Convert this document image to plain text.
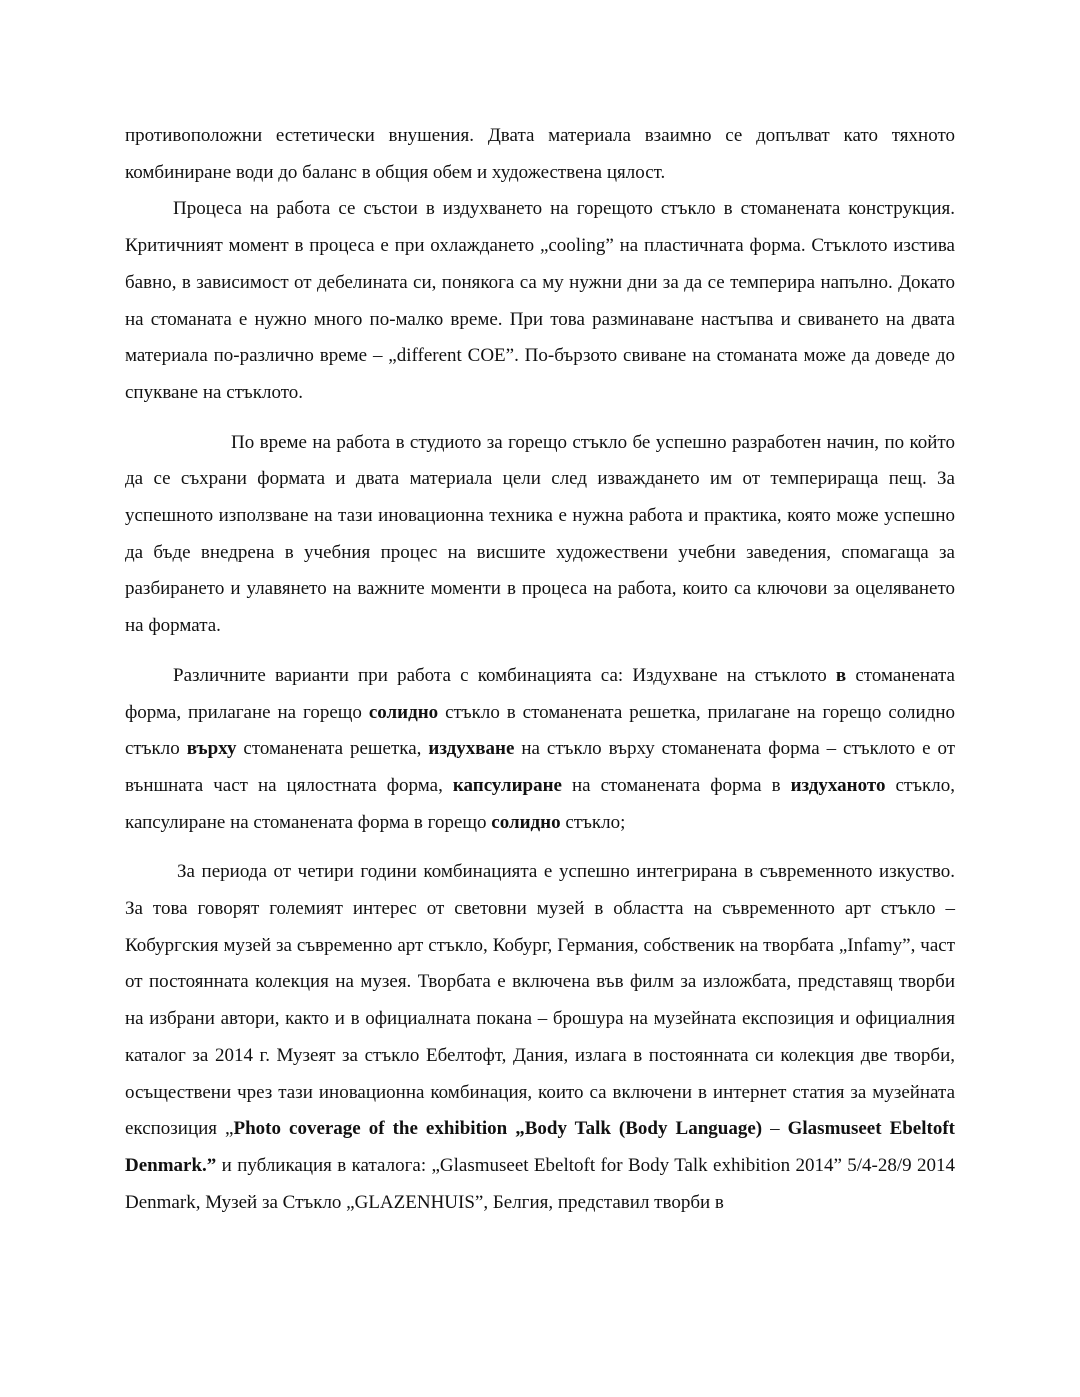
противоположни естетически внушения. Двата материала взаимно се допълват като тяхното комбиниране води до баланс в общия обем и художествена цялост.

Процеса на работа се състои в издухването на горещото стъкло в стоманената конструкция. Критичният момент в процеса е при охлаждането „cooling” на пластичната форма. Стъклото изстива бавно, в зависимост от дебелината си, понякога са му нужни дни за да се темперира напълно. Докато на стоманата е нужно много по-малко време. При това разминаване настъпва и свиването на двата материала по-различно време – „different COE”. По-бързото свиване на стоманата може да доведе до спукване на стъклото.

По време на работа в студиото за горещо стъкло бе успешно разработен начин, по който да се съхрани формата и двата материала цели след изваждането им от темперираща пещ. За успешното използване на тази иновационна техника е нужна работа и практика, която може успешно да бъде внедрена в учебния процес на висшите художествени учебни заведения, спомагаща за разбирането и улавянето на важните моменти в процеса на работа, които са ключови за оцеляването на формата.

Различните варианти при работа с комбинацията са: Издухване на стъклото в стоманената форма, прилагане на горещо солидно стъкло в стоманената решетка, прилагане на горещо солидно стъкло върху стоманената решетка, издухване на стъкло върху стоманената форма – стъклото е от външната част на цялостната форма, капсулиране на стоманената форма в издуханото стъкло, капсулиране на стоманената форма в горещо солидно стъкло;

За периода от четири години комбинацията е успешно интегрирана в съвременното изкуство. За това говорят големият интерес от световни музей в областта на съвременното арт стъкло – Кобургския музей за съвременно арт стъкло, Кобург, Германия, собственик на творбата „Infamy”, част от постоянната колекция на музея. Творбата е включена във филм за изложбата, представящ творби на избрани автори, както и в официалната покана – брошура на музейната експозиция и официалния каталог за 2014 г. Музеят за стъкло Ебелтофт, Дания, излага в постоянната си колекция две творби, осъществени чрез тази иновационна комбинация, които са включени в интернет статия за музейната експозиция „Photo coverage of the exhibition „Body Talk (Body Language) – Glasmuseet Ebeltoft Denmark.” и публикация в каталога: „Glasmuseet Ebeltoft for Body Talk exhibition 2014” 5/4-28/9 2014 Denmark, Музей за Стъкло „GLAZENHUIS”, Белгия, представил творби в
